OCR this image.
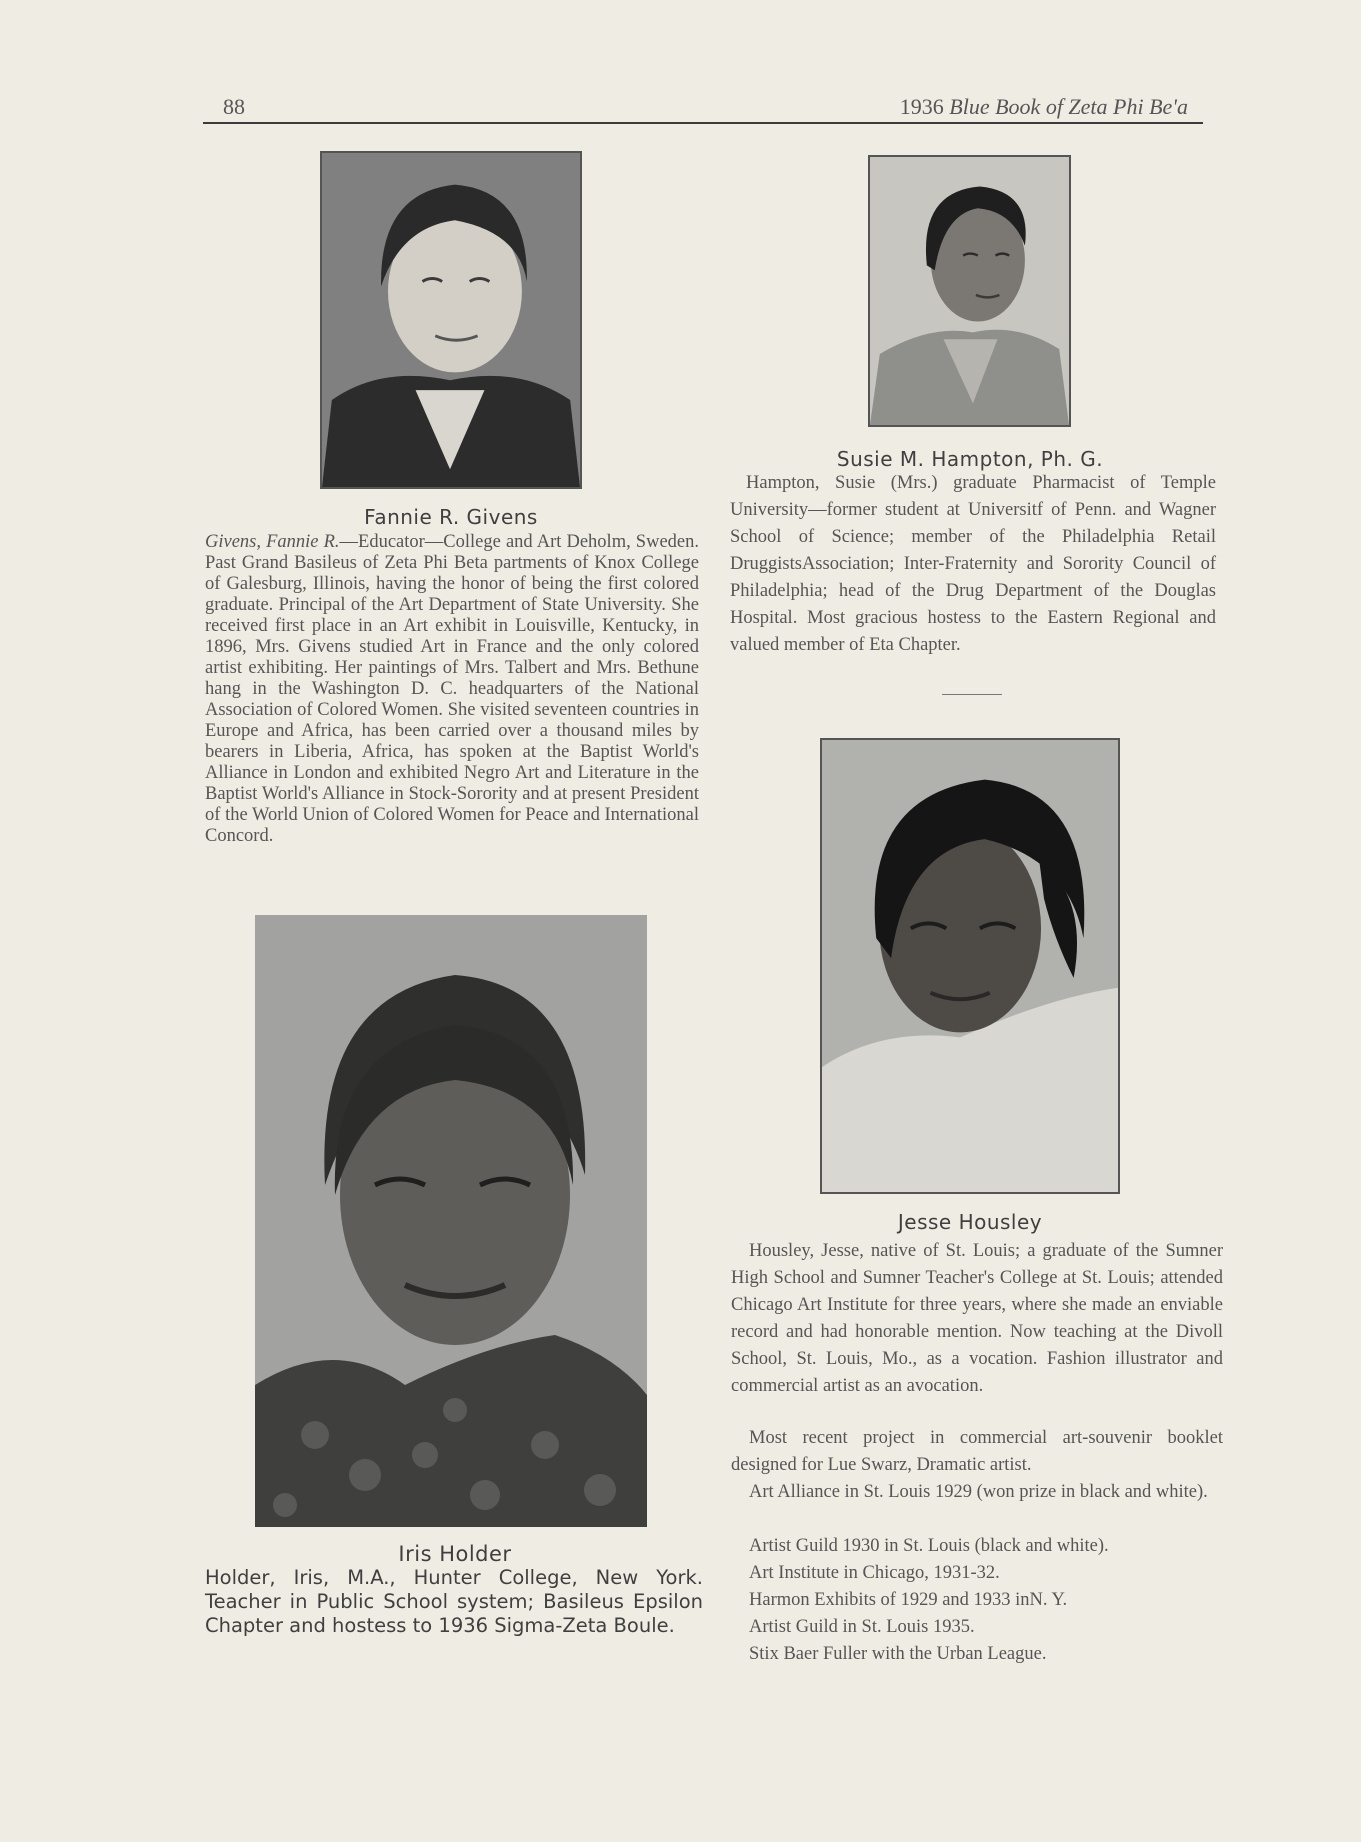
88	1936 Blue Book of Zeta Phi Be'a
Fannie R. Givens
Givens, Fannie R.—Educator—College and Art Deholm, Sweden. Past Grand Basileus of Zeta Phi Beta partments of Knox College of Galesburg, Illinois, having the honor of being the first colored graduate. Principal of the Art Department of State University. She received first place in an Art exhibit in Louisville, Kentucky, in 1896, Mrs. Givens studied Art in France and the only colored artist exhibiting. Her paintings of Mrs. Talbert and Mrs. Bethune hang in the Washington D. C. headquarters of the National Association of Colored Women. She visited seventeen countries in Europe and Africa, has been carried over a thousand miles by bearers in Liberia, Africa, has spoken at the Baptist World's Alliance in London and exhibited Negro Art and Literature in the Baptist World's Alliance in Stock-Sorority and at present President of the World Union of Colored Women for Peace and International Concord.
Susie M. Hampton, Ph. G.
Hampton, Susie (Mrs.) graduate Pharmacist of Temple University—former student at Universitf of Penn. and Wagner School of Science; member of the Philadelphia Retail DruggistsAssociation; Inter-Fraternity and Sorority Council of Philadelphia; head of the Drug Department of the Douglas Hospital. Most gracious hostess to the Eastern Regional and valued member of Eta Chapter.
Iris Holder
Holder, Iris, M.A., Hunter College, New York. Teacher in Public School system; Basileus Epsilon Chapter and hostess to 1936 Sigma-Zeta Boule.
Jesse Housley
Housley, Jesse, native of St. Louis; a graduate of the Sumner High School and Sumner Teacher's College at St. Louis; attended Chicago Art Institute for three years, where she made an enviable record and had honorable mention. Now teaching at the Divoll School, St. Louis, Mo., as a vocation. Fashion illustrator and commercial artist as an avocation.
Most recent project in commercial art-souvenir booklet designed for Lue Swarz, Dramatic artist.
Art Alliance in St. Louis 1929 (won prize in black and white).

Artist Guild 1930 in St. Louis (black and white).

Art Institute in Chicago, 1931-32.

Harmon Exhibits of 1929 and 1933 inN. Y.

Artist Guild in St. Louis 1935.

Stix Baer Fuller with the Urban League.
